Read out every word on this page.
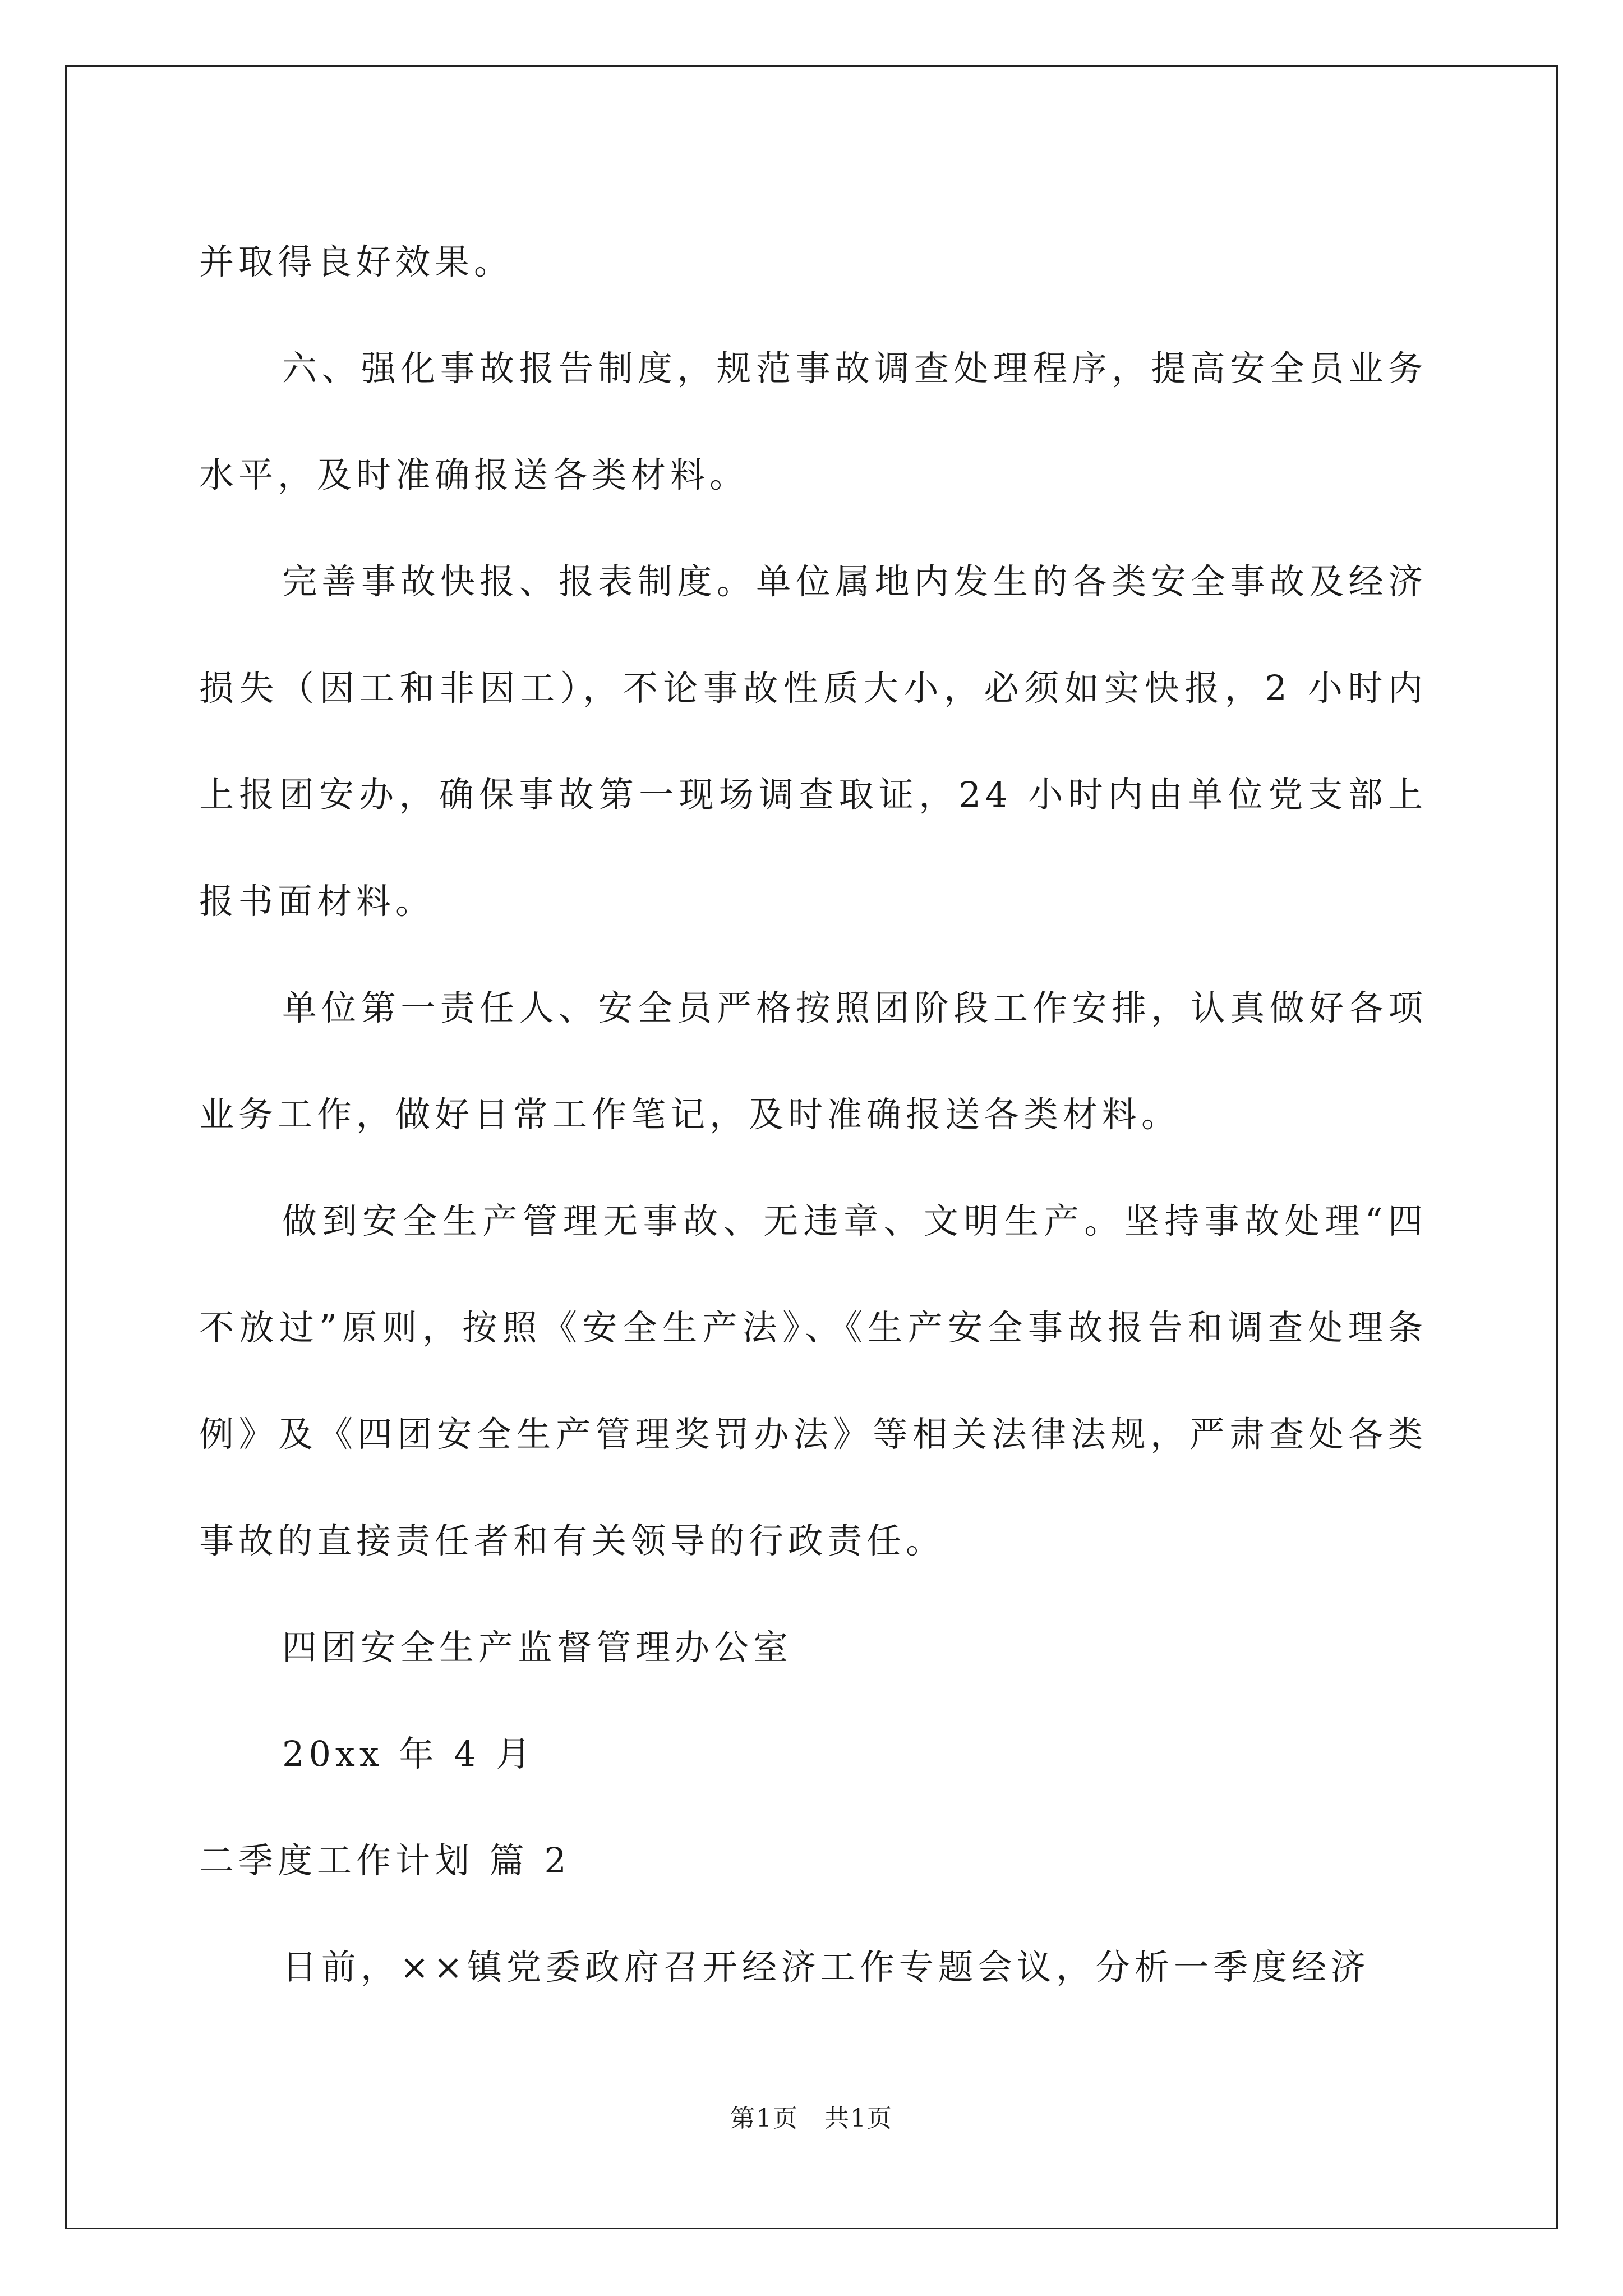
并取得良好效果。

六、强化事故报告制度，规范事故调查处理程序，提高安全员业务水平，及时准确报送各类材料。

完善事故快报、报表制度。单位属地内发生的各类安全事故及经济损失（因工和非因工），不论事故性质大小，必须如实快报，2 小时内上报团安办，确保事故第一现场调查取证，24 小时内由单位党支部上报书面材料。

单位第一责任人、安全员严格按照团阶段工作安排，认真做好各项业务工作，做好日常工作笔记，及时准确报送各类材料。

做到安全生产管理无事故、无违章、文明生产。坚持事故处理“四不放过”原则，按照《安全生产法》、《生产安全事故报告和调查处理条例》及《四团安全生产管理奖罚办法》等相关法律法规，严肃查处各类事故的直接责任者和有关领导的行政责任。

四团安全生产监督管理办公室

20xx 年 4 月

二季度工作计划 篇 2

日前，××镇党委政府召开经济工作专题会议，分析一季度经济

第1页 共1页
